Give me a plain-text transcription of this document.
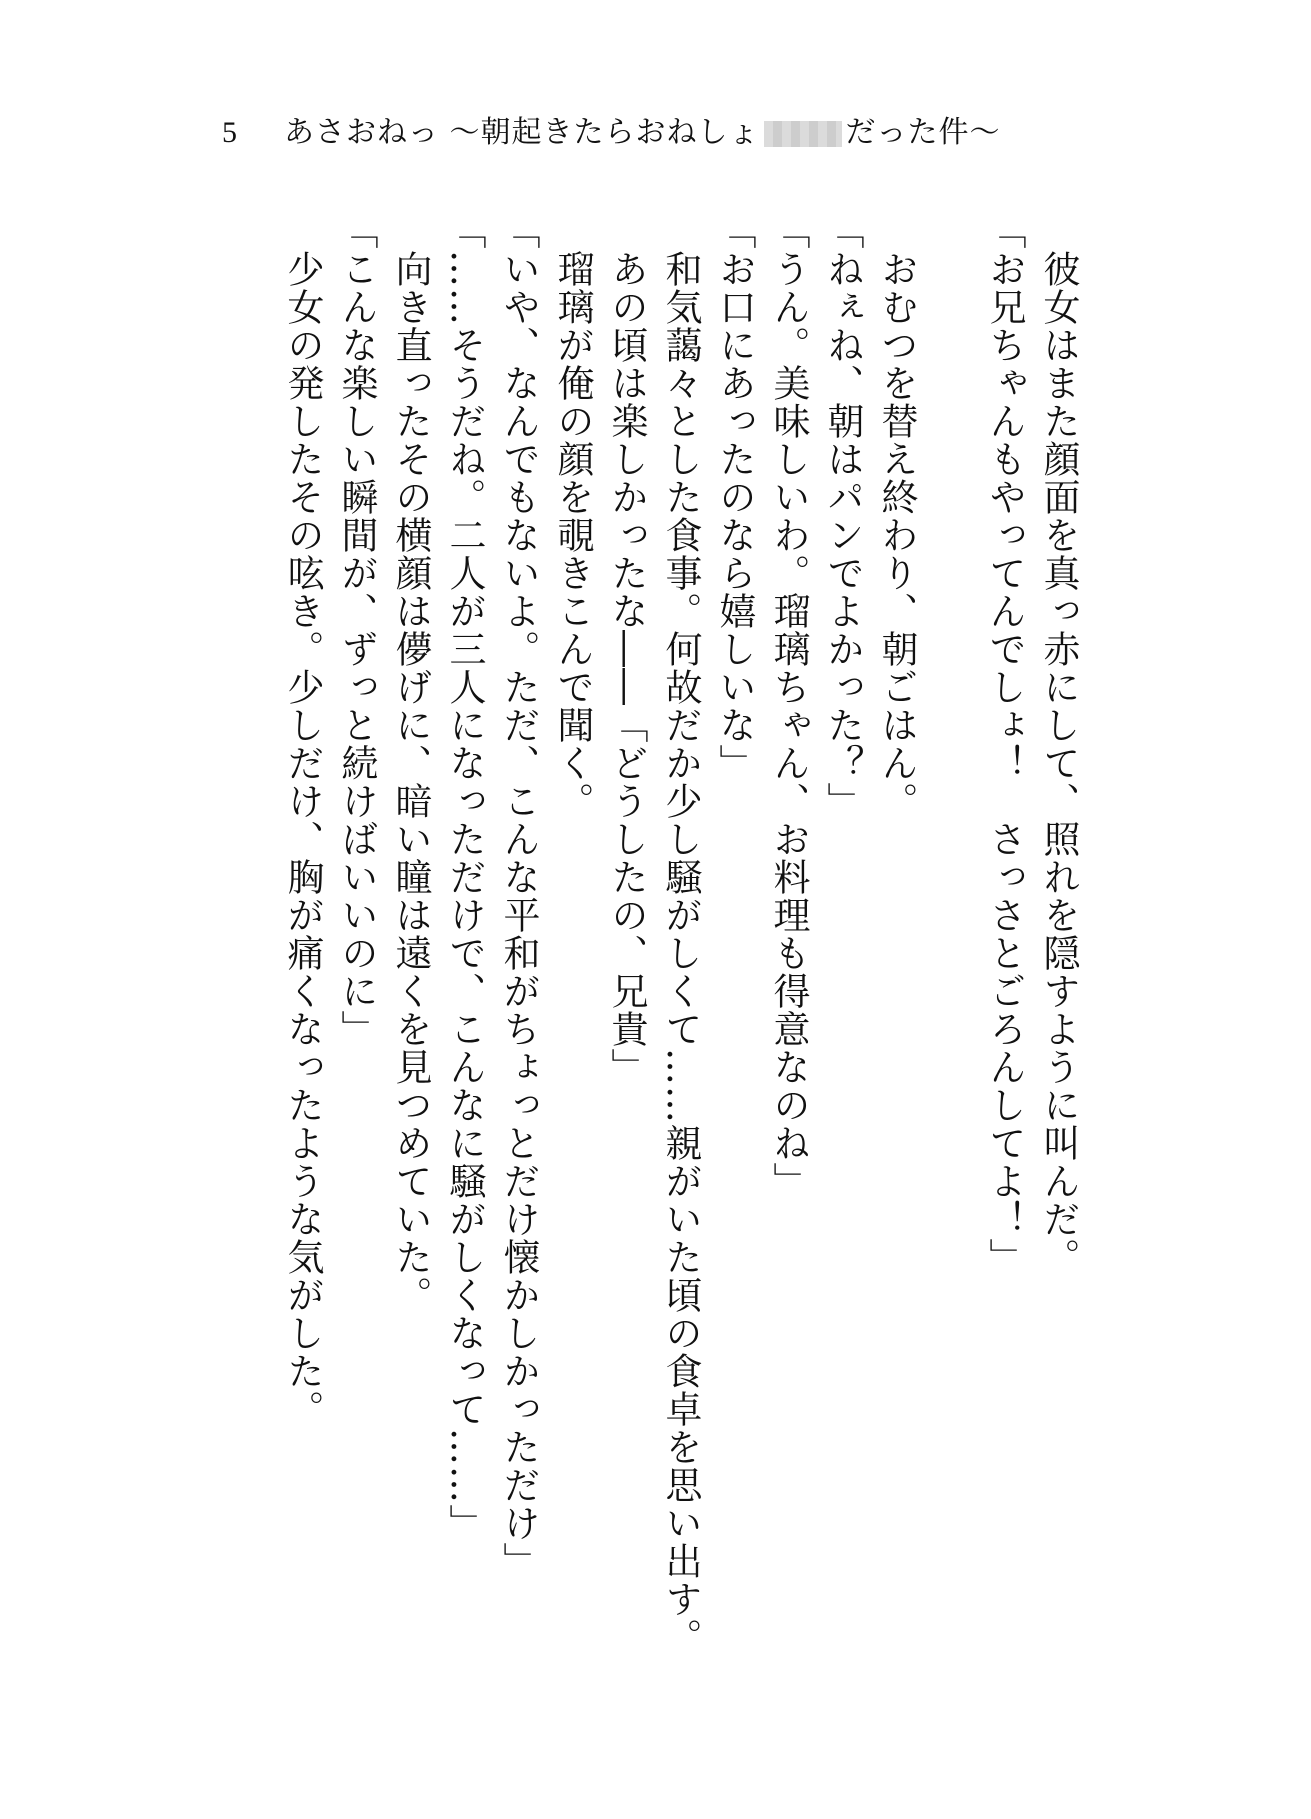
5 あさおねっ 〜朝起きたらおねしょ	だった件〜
　彼女はまた顔面を真っ赤にして、照れを隠すように叫んだ。
「お兄ちゃんもやってんでしょ！　さっさとごろんしてよ！」
　おむつを替え終わり、朝ごはん。
「ねぇね、朝はパンでよかった？」
「うん。美味しいわ。瑠璃ちゃん、お料理も得意なのね」
「お口にあったのなら嬉しいな」
　和気藹々とした食事。何故だか少し騒がしくて……親がいた頃の食卓を思い出す。
　あの頃は楽しかったな――「どうしたの、兄貴」
　瑠璃が俺の顔を覗きこんで聞く。
「いや、なんでもないよ。ただ、こんな平和がちょっとだけ懐かしかっただけ」
「……そうだね。二人が三人になっただけで、こんなに騒がしくなって……」
　向き直ったその横顔は儚げに、暗い瞳は遠くを見つめていた。
「こんな楽しい瞬間が、ずっと続けばいいのに」
　少女の発したその呟き。少しだけ、胸が痛くなったような気がした。
